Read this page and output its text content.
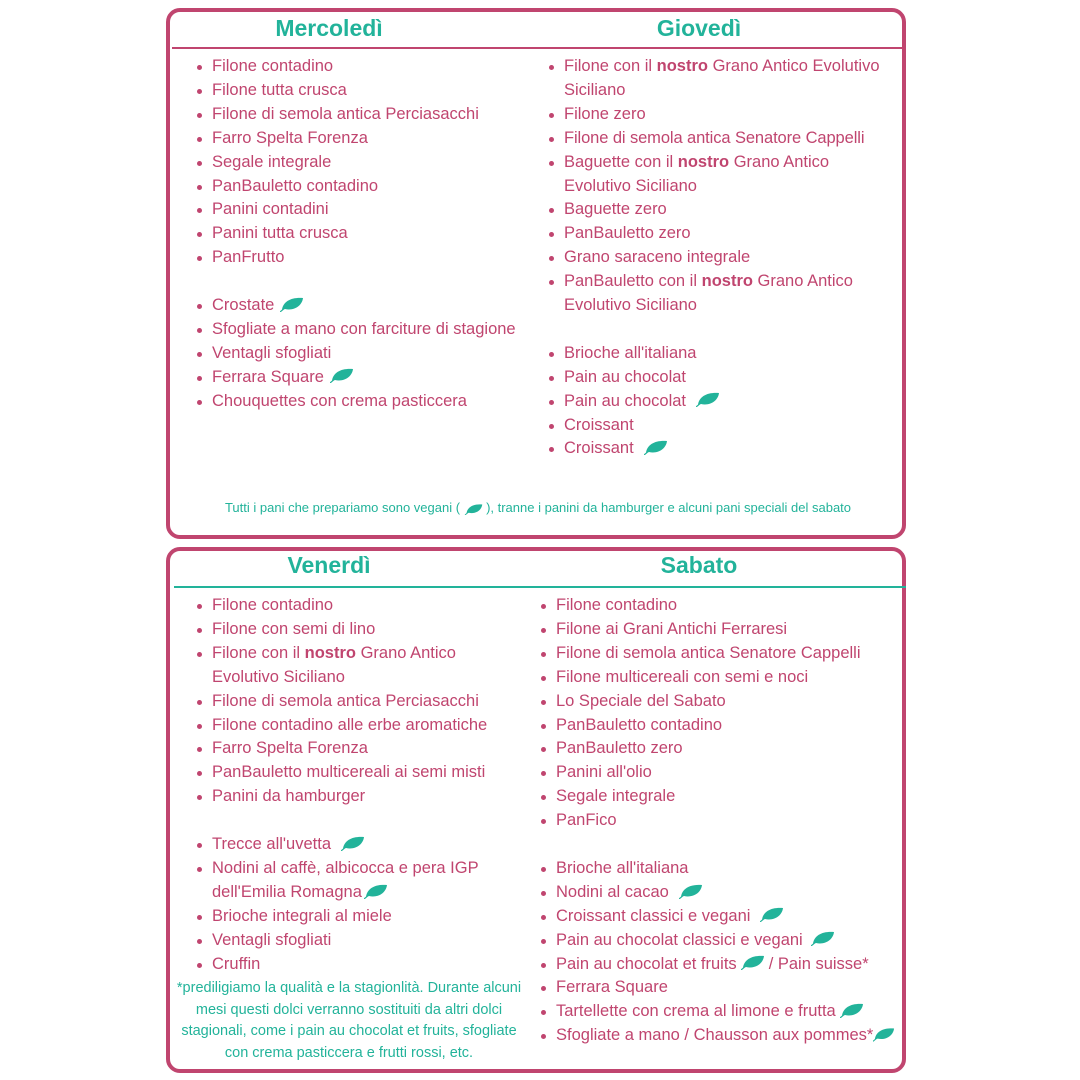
Mercoledì	Giovedì
Filone contadino
Filone tutta crusca
Filone di semola antica Perciasacchi
Farro Spelta Forenza
Segale integrale
PanBauletto contadino
Panini contadini
Panini tutta crusca
PanFrutto
Crostate
Sfogliate a mano con farciture di stagione
Ventagli sfogliati
Ferrara Square
Chouquettes con crema pasticcera
Filone con il nostro Grano Antico Evolutivo Siciliano
Filone zero
Filone di semola antica Senatore Cappelli
Baguette con il nostro Grano Antico Evolutivo Siciliano
Baguette zero
PanBauletto zero
Grano saraceno integrale
PanBauletto con il nostro Grano Antico Evolutivo Siciliano
Brioche all'italiana
Pain au chocolat
Pain au chocolat
Croissant
Croissant
Tutti i pani che prepariamo sono vegani ( ), tranne i panini da hamburger e alcuni pani speciali del sabato
Venerdì	Sabato
Filone contadino
Filone con semi di lino
Filone con il nostro Grano Antico Evolutivo Siciliano
Filone di semola antica Perciasacchi
Filone contadino alle erbe aromatiche
Farro Spelta Forenza
PanBauletto multicereali ai semi misti
Panini da hamburger
Trecce all'uvetta
Nodini al caffè, albicocca e pera IGP dell'Emilia Romagna
Brioche integrali al miele
Ventagli sfogliati
Cruffin
*prediligiamo la qualità e la stagionlità. Durante alcuni mesi questi dolci verranno sostituiti da altri dolci stagionali, come i pain au chocolat et fruits, sfogliate con crema pasticcera e frutti rossi, etc.
Filone contadino
Filone ai Grani Antichi Ferraresi
Filone di semola antica Senatore Cappelli
Filone multicereali con semi e noci
Lo Speciale del Sabato
PanBauletto contadino
PanBauletto zero
Panini all'olio
Segale integrale
PanFico
Brioche all'italiana
Nodini al cacao
Croissant classici e vegani
Pain au chocolat classici e vegani
Pain au chocolat et fruits / Pain suisse*
Ferrara Square
Tartellette con crema al limone e frutta
Sfogliate a mano / Chausson aux pommes*
